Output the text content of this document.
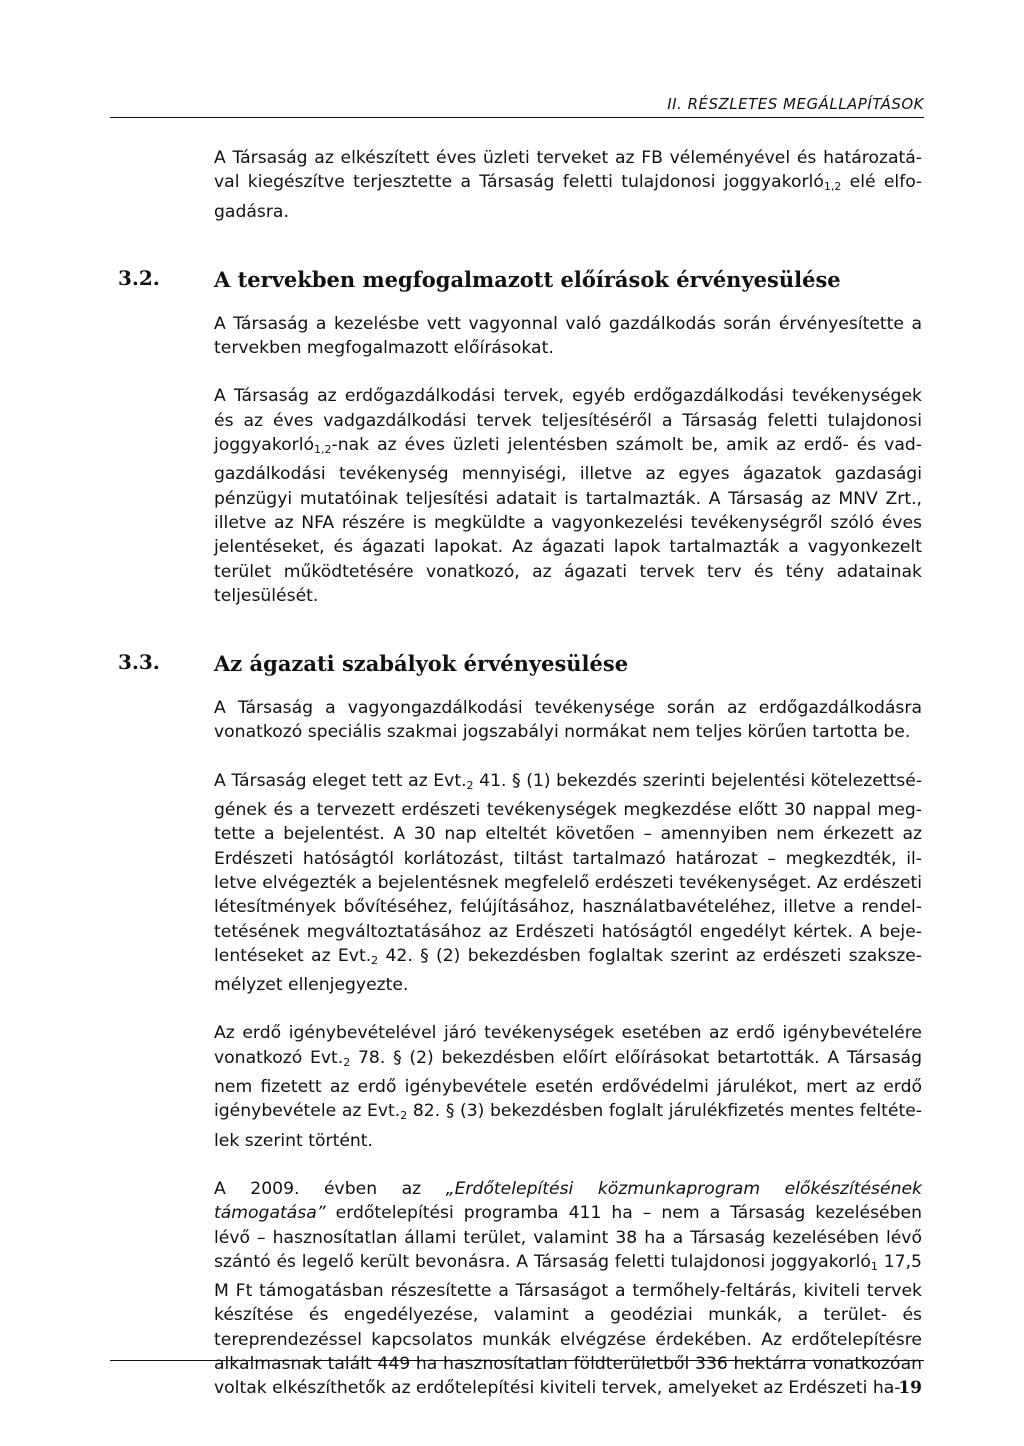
II. RÉSZLETES MEGÁLLAPÍTÁSOK

A Társaság az elkészített éves üzleti terveket az FB véleményével és határozatával kiegészítve terjesztette a Társaság feletti tulajdonosi joggyakorló$_{1,2}$ elé elfogadásra.

3.2.	A tervekben megfogalmazott előírások érvényesülése

A Társaság a kezelésbe vett vagyonnal való gazdálkodás során érvényesítette a tervekben megfogalmazott előírásokat.

A Társaság az erdőgazdálkodási tervek, egyéb erdőgazdálkodási tevékenységek és az éves vadgazdálkodási tervek teljesítéséről a Társaság feletti tulajdonosi joggyakorló$_{1,2}$-nak az éves üzleti jelentésben számolt be, amik az erdő- és vadgazdálkodási tevékenység mennyiségi, illetve az egyes ágazatok gazdasági pénzügyi mutatóinak teljesítési adatait is tartalmazták. A Társaság az MNV Zrt., illetve az NFA részére is megküldte a vagyonkezelési tevékenységről szóló éves jelentéseket, és ágazati lapokat. Az ágazati lapok tartalmazták a vagyonkezelt terület működtetésére vonatkozó, az ágazati tervek terv és tény adatainak teljesülését.

3.3.	Az ágazati szabályok érvényesülése

A Társaság a vagyongazdálkodási tevékenysége során az erdőgazdálkodásra vonatkozó speciális szakmai jogszabályi normákat nem teljes körűen tartotta be.

A Társaság eleget tett az $Evt._2$ 41. § (1) bekezdés szerinti bejelentési kötelezettségének és a tervezett erdészeti tevékenységek megkezdése előtt 30 nappal megtette a bejelentést. A 30 nap elteltét követően – amennyiben nem érkezett az Erdészeti hatóságtól korlátozást, tiltást tartalmazó határozat – megkezdték, illetve elvégezték a bejelentésnek megfelelő erdészeti tevékenységet. Az erdészeti létesítmények bővítéséhez, felújításához, használatbavételéhez, illetve a rendeltetésének megváltoztatásához az Erdészeti hatóságtól engedélyt kértek. A bejelentéseket az $Evt._2$ 42. § (2) bekezdésben foglaltak szerint az erdészeti szakszemélyzet ellenjegyezte.

Az erdő igénybevételével járó tevékenységek esetében az erdő igénybevételére vonatkozó $Evt._2$ 78. § (2) bekezdésben előírt előírásokat betartották. A Társaság nem fizetett az erdő igénybevétele esetén erdővédelmi járulékot, mert az erdő igénybevétele az $Evt._2$ 82. § (3) bekezdésben foglalt járulékfizetés mentes feltételek szerint történt.

A 2009. évben az „Erdőtelepítési közmunkaprogram előkészítésének támogatása” erdőtelepítési programba 411 ha – nem a Társaság kezelésében lévő – hasznosítatlan állami terület, valamint 38 ha a Társaság kezelésében lévő szántó és legelő került bevonásra. A Társaság feletti tulajdonosi joggyakorló$_1$ 17,5 M Ft támogatásban részesítette a Társaságot a termőhely-feltárás, kiviteli tervek készítése és engedélyezése, valamint a geodéziai munkák, a terület- és tereprendezéssel kapcsolatos munkák elvégzése érdekében. Az erdőtelepítésre alkalmasnak talált 449 ha hasznosítatlan földterületből 336 hektárra vonatkozóan voltak elkészíthetők az erdőtelepítési kiviteli tervek, amelyeket az Erdészeti ha-

19
